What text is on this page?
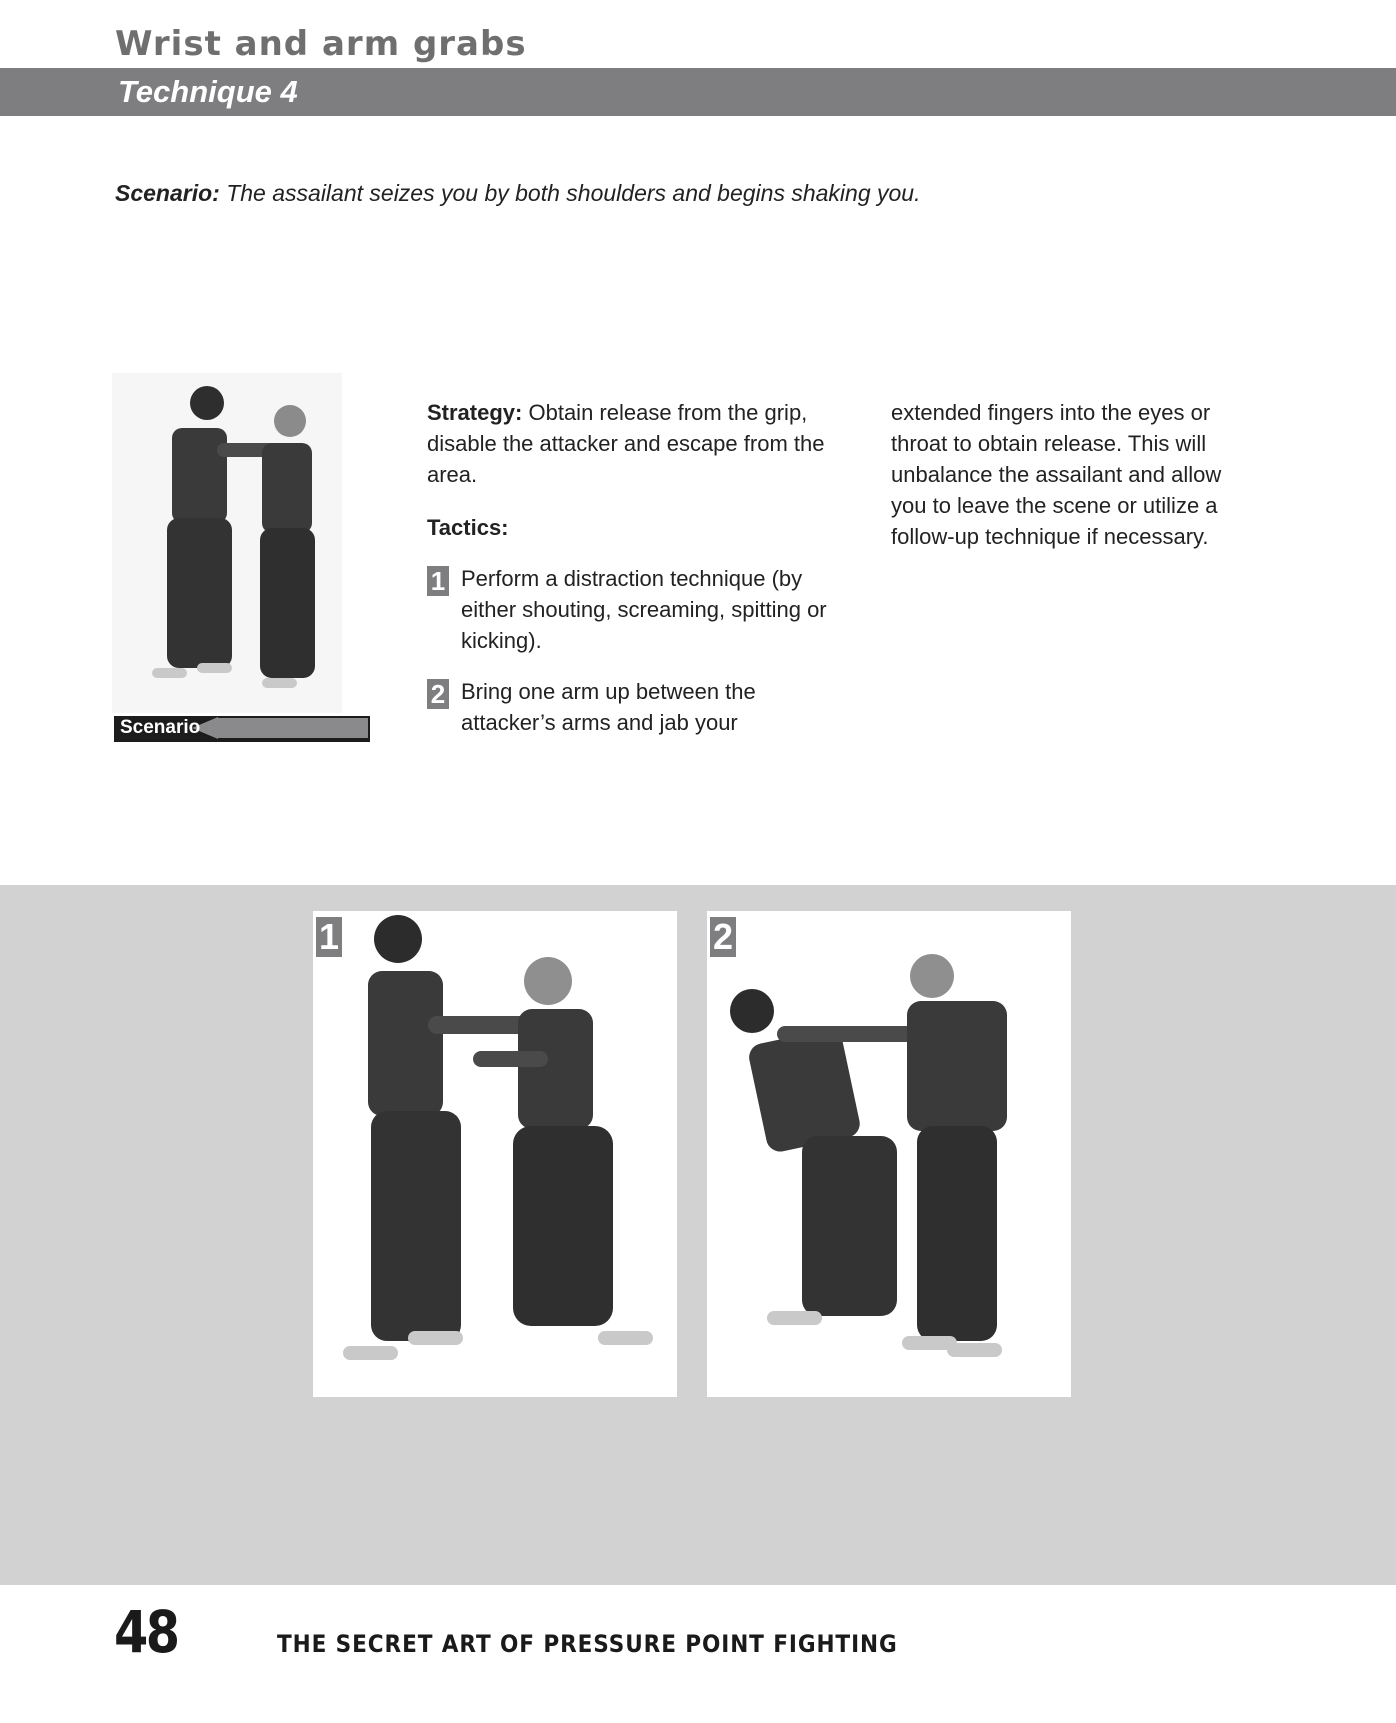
Wrist and arm grabs
Technique 4
Scenario: The assailant seizes you by both shoulders and begins shaking you.
Scenario

Strategy: Obtain release from the grip, disable the attacker and escape from the area.

Tactics:

1 Perform a distraction technique (by either shouting, screaming, spitting or kicking).
2 Bring one arm up between the attacker’s arms and jab your

extended fingers into the eyes or throat to obtain release. This will unbalance the assailant and allow you to leave the scene or utilize a follow-up technique if necessary.

1	2
48	THE SECRET ART OF PRESSURE POINT FIGHTING
